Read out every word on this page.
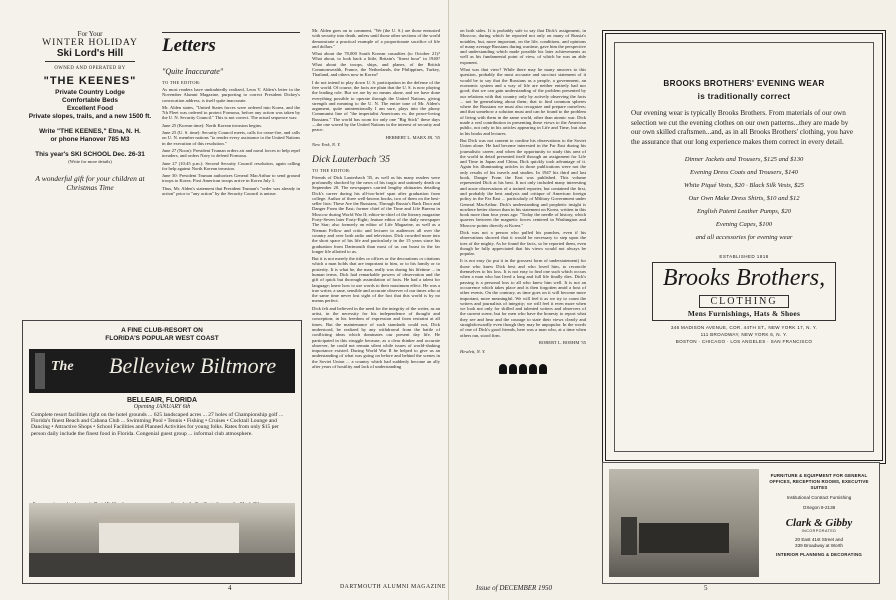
For Your

WINTER HOLIDAY

Ski Lord's Hill

OWNED AND OPERATED BY

"THE KEENES"

Private Country Lodge

Comfortable Beds

Excellent Food

Private slopes, trails, and a new 1500 ft.

Write "THE KEENES," Etna, N. H.

or phone Hanover 785 M3

This year's SKI SCHOOL Dec. 26-31

(Write for more details)

A wonderful gift for your children at Christmas Time

Letters

"Quite Inaccurate"

TO THE EDITOR:

As most readers have undoubtedly realized, Leon V. Alden's letter in the November Alumni Magazine, purporting to correct President Dickey's convocation address, is itself quite inaccurate.

Mr. Alden states, "United States forces were ordered into Korea, and the 7th Fleet was ordered to protect Formosa, before any action was taken by the U. N. Security Council." This is not correct. The actual sequence was:

June 25 (Korean time): North Korean invasion begins.

June 25 (U. S. time): Security Council meets, calls for cease-fire, and calls on U. N. member nations "to render every assistance to the United Nations in the execution of this resolution."

June 27 (Noon): President Truman orders air and naval forces to help repel invaders, and orders Navy to defend Formosa.

June 27 (10:45 p.m.): Second Security Council resolution, again calling for help against North Korean invasion.

June 30: President Truman authorizes General MacArthur to send ground troops to Korea. First American troops arrive in Korea July 1.

Thus, Mr. Alden's statement that President Truman's "order was already in action" prior to "any action" by the Security Council is untrue.

A FINE CLUB-RESORT ON
FLORIDA'S POPULAR WEST COAST
The Belleview Biltmore
BELLEAIR, FLORIDA
Opening JANUARY 6th
Complete resort facilities right on the hotel grounds ... 625 landscaped acres ... 27 holes of Championship golf ... Florida's finest Beach and Cabana Club ... Swimming Pool • Tennis • Fishing • Cruises • Cocktail Lounge and Dancing • Attractive Shops • School Facilities and Planned Activities for young folks. Rates from only $15 per person daily include the finest food in Florida. Congenial guest group ... informal club atmosphere.

Mr. Alden goes on to comment, "We (the U. S.) are those entrusted with security into death, unless until those other sections of the world demonstrate a practical example of a proportionate sacrifice of life and dollars."

What about the 78,000 South Korean casualties (to October 21)? What about, to look back a little, Britain's "finest hour" in 1940? What about the troops, ships, and planes, of the British Commonwealth, France, the Netherlands, the Philippines, Turkey, Thailand, and others now in Korea?

I do not intend to play down U. S. participation in the defense of the free world. Of course, the facts are plain that the U. S. is now playing the leading role. But we are by no means alone, and we have done everything possible to operate through the United Nations, giving strength and meaning to the U. N. The entire tone of Mr. Alden's argument, quite unintentionally I am sure, plays into the phony Communist line of "the imperialist Americans vs. the peace-loving Russians." The world has room for only one "Big Stick" these days—the one waved by the United Nations in the interest of security and peace.

HERBERT L. MARX JR. '35

New York, N. Y.

Dick Lauterbach '35

TO THE EDITOR:

Friends of Dick Lauterbach '35, as well as his many readers were profoundly shocked by the news of his tragic and untimely death on September 20. The newspapers carried lengthy obituaries detailing Dick's career during his all-too-brief span after graduation from college. Author of three well-known books, two of them on the best-seller lists: These Are the Russians, Through Russia's Back Door and Danger From the East; former chief of the Time and Life Bureau in Moscow during World War II; editor-in-chief of the literary magazine Forty-Seven later Forty-Eight; feature editor of the daily newspaper The Star; also formerly an editor of Life Magazine, as well as a Nieman Fellow and critic and lecturer to audiences all over the country and over both radio and television. Dick crowded more into the short space of his life and particularly in the 15 years since his graduation from Dartmouth than most of us can boast in the far longer life allotted to us.

But it is not merely the titles or offices or the decorations or citations which a man holds that are important to him, or to his family or to posterity. It is what he, the man, really was during his lifetime ... in human terms. Dick had remarkable powers of observation and the gift of quick but thorough assimilation of facts. He had a talent for language; knew how to use words to their maximum effect. He was a true writer, a sane, sensible and accurate observer of our times who at the same time never lost sight of the fact that this world is by no means perfect.

Dick felt and believed in the need for the integrity of the writer, as an artist, in the necessity for his independence of thought and conception; in his freedom of expression and from restraint at all times. But the maintenance of such standards could not, Dick understood, be realized by any withdrawal from the battle of conflicting ideas which dominates our present day life. He participated in this struggle because, as a clear thinker and accurate observer, he could not remain silent while issues of world-shaking importance existed. During World War II he helped to give us an understanding of what was going on before and behind the scenes in the Soviet Union ... a country which had suddenly become an ally after years of hostility and lack of understanding

4	DARTMOUTH ALUMNI MAGAZINE

on both sides. It is probably safe to say that Dick's assignment, in Moscow, during which he reported not only on many of Russia's notables, but, more important, on the life, conditions, and opinions of many average Russians during wartime, gave him the perspective and understanding which made possible his later achievements as well as his fundamental point of view, of which he was an able exponent.

What was that view? While there may be many answers to this question, probably the most accurate and succinct statement of it would be to say that the Russians as a people, a government, an economic system and a way of life are neither entirely bad nor good; that we can gain understanding of the problem presented by our relations with that country only by actively observing the facts ... not be generalizing about them; that to find common spheres where the Russians we must also recognize and prepare ourselves; and that somehow a solution must and can be found to the problem of living with them in the same world, other than atomic war. Dick made a real contribution in presenting these views to the American public, not only in his articles appearing in Life and Time, but also in his books and lectures.

But Dick was not content to confine his observations to the Soviet Union alone. He had become interested in the Far East during his journalistic career, and when the opportunity to study this area of the world in detail presented itself through an assignment for Life and Time in Japan and China, Dick quickly took advantage of it. Again his illuminating articles in those publications were not the only results of his travels and studies. In 1947 his third and last book, Danger From the East was published. This volume represented Dick at his best. It not only included many interesting and acute observations of a trained reporter, but contained the first, and probably the best analysis and critique of American foreign policy in the Far East ... particularly of Military Government under General MacArthur. Dick's understanding and prophetic insight is nowhere better shown than in his statement on Korea, written in this book more than four years ago: "Today the needle of history, which quavers between the magnetic forces centered in Washington and Moscow points directly at Korea."

Dick was not a person who pulled his punches, even if his observations showed that it would be necessary to step upon the toes of the mighty. As he found the facts, so he reported them, even though he fully appreciated that his views would not always be popular.

It is not easy (to put it in the grossest form of understatement) for those who knew Dick best and who loved him, to reconcile themselves to his loss. It is not easy to find one such which occurs when a man who has lived a long and full life finally dies. Dick's passing is a personal loss to all who knew him well. It is not an occurrence which takes place and is then forgotten amid a host of other events. On the contrary, as time goes on it will become more important, more meaningful. We will feel it as we try to count the writers and journalists of integrity; we will feel it even more when we look not only for skilled and talented writers and observers of the current scene, but for men who have the honesty to report what they see and hear and the courage to state their views clearly and straightforwardly even though they may be unpopular. In the words of one of Dick's good friends, here was a man who, at a time when others ran, stood firm.

ROBERT L. BOEHM '35

Hewlett, N. Y.

BROOKS BROTHERS' EVENING WEAR
is traditionally correct
Our evening wear is typically Brooks Brothers. From materials of our own selection we cut the evening clothes on our own patterns...they are made by our own skilled craftsmen...and, as in all Brooks Brothers' clothing, you have the assurance that our long experience makes them correct in every detail.
Dinner Jackets and Trousers, $125 and $130
Evening Dress Coats and Trousers, $140
White Piqué Vests, $20 · Black Silk Vests, $25
Our Own Make Dress Shirts, $10 and $12
English Patent Leather Pumps, $20
Evening Capes, $100
and all accessories for evening wear
ESTABLISHED 1818
Brooks Brothers,
CLOTHING
Mens Furnishings, Hats & Shoes
346 MADISON AVENUE, COR. 44TH ST., NEW YORK 17, N. Y.
111 BROADWAY, NEW YORK 6, N. Y.
BOSTON · CHICAGO · LOS ANGELES · SAN FRANCISCO
FURNITURE & EQUIPMENT FOR GENERAL OFFICES, RECEPTION ROOMS, EXECUTIVE SUITES
Institutional Contract Furnishing
OXegon 9-2138
Clark & Gibby
INCORPORATED
20 East 41st Street and
339 Broadway at Worth
INTERIOR PLANNING & DECORATING
Issue of DECEMBER 1950	5
